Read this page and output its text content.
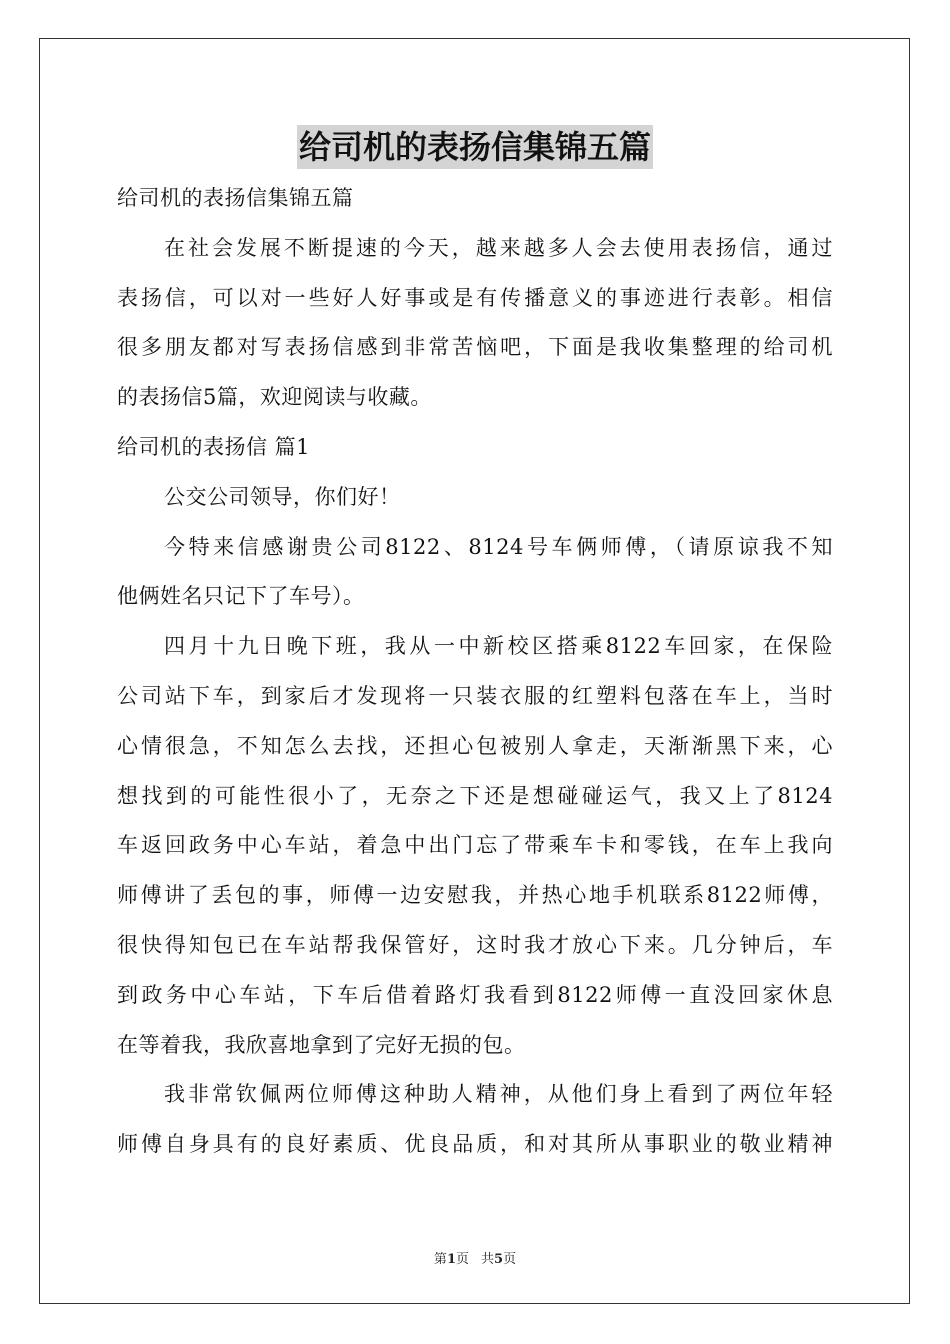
给司机的表扬信集锦五篇
给司机的表扬信集锦五篇
在社会发展不断提速的今天，越来越多人会去使用表扬信，通过
表扬信，可以对一些好人好事或是有传播意义的事迹进行表彰。相信
很多朋友都对写表扬信感到非常苦恼吧，下面是我收集整理的给司机
的表扬信5篇，欢迎阅读与收藏。
给司机的表扬信 篇1
公交公司领导，你们好！
今特来信感谢贵公司8122、8124号车俩师傅，（请原谅我不知
他俩姓名只记下了车号）。
四月十九日晚下班，我从一中新校区搭乘8122车回家，在保险
公司站下车，到家后才发现将一只装衣服的红塑料包落在车上，当时
心情很急，不知怎么去找，还担心包被别人拿走，天渐渐黑下来，心
想找到的可能性很小了，无奈之下还是想碰碰运气，我又上了8124
车返回政务中心车站，着急中出门忘了带乘车卡和零钱，在车上我向
师傅讲了丢包的事，师傅一边安慰我，并热心地手机联系8122师傅，
很快得知包已在车站帮我保管好，这时我才放心下来。几分钟后，车
到政务中心车站，下车后借着路灯我看到8122师傅一直没回家休息
在等着我，我欣喜地拿到了完好无损的包。
我非常钦佩两位师傅这种助人精神，从他们身上看到了两位年轻
师傅自身具有的良好素质、优良品质，和对其所从事职业的敬业精神
第1页 共5页
